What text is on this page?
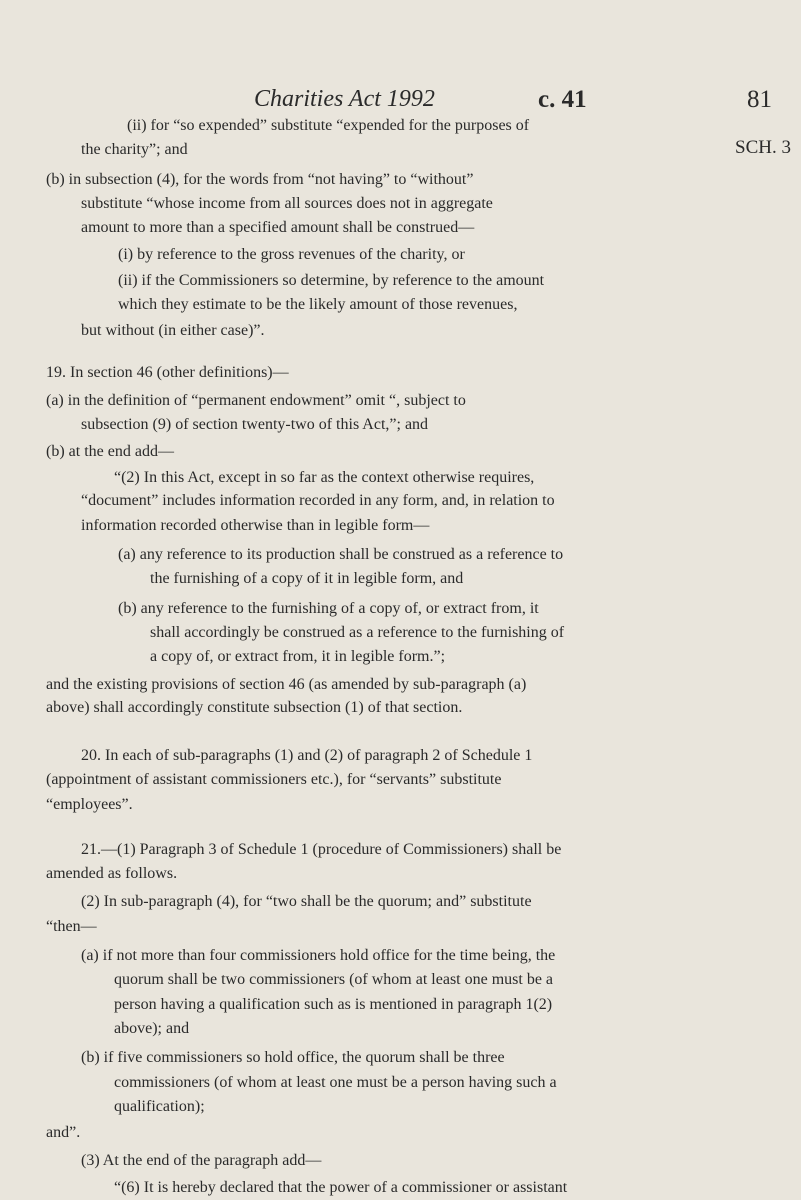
Charities Act 1992	c. 41	81
SCH. 3
(ii) for “so expended” substitute “expended for the purposes of
the charity”; and
(b) in subsection (4), for the words from “not having” to “without”
substitute “whose income from all sources does not in aggregate
amount to more than a specified amount shall be construed—
(i) by reference to the gross revenues of the charity, or
(ii) if the Commissioners so determine, by reference to the amount
which they estimate to be the likely amount of those revenues,
but without (in either case)”.
19. In section 46 (other definitions)—
(a) in the definition of “permanent endowment” omit “, subject to
subsection (9) of section twenty-two of this Act,”; and
(b) at the end add—
“(2) In this Act, except in so far as the context otherwise requires,
“document” includes information recorded in any form, and, in relation to
information recorded otherwise than in legible form—
(a) any reference to its production shall be construed as a reference to
the furnishing of a copy of it in legible form, and
(b) any reference to the furnishing of a copy of, or extract from, it
shall accordingly be construed as a reference to the furnishing of
a copy of, or extract from, it in legible form.”;
and the existing provisions of section 46 (as amended by sub-paragraph (a)
above) shall accordingly constitute subsection (1) of that section.
20. In each of sub-paragraphs (1) and (2) of paragraph 2 of Schedule 1
(appointment of assistant commissioners etc.), for “servants” substitute
“employees”.
21.—(1) Paragraph 3 of Schedule 1 (procedure of Commissioners) shall be
amended as follows.
(2) In sub-paragraph (4), for “two shall be the quorum; and” substitute
“then—
(a) if not more than four commissioners hold office for the time being, the
quorum shall be two commissioners (of whom at least one must be a
person having a qualification such as is mentioned in paragraph 1(2)
above); and
(b) if five commissioners so hold office, the quorum shall be three
commissioners (of whom at least one must be a person having such a
qualification);
and”.
(3) At the end of the paragraph add—
“(6) It is hereby declared that the power of a commissioner or assistant
